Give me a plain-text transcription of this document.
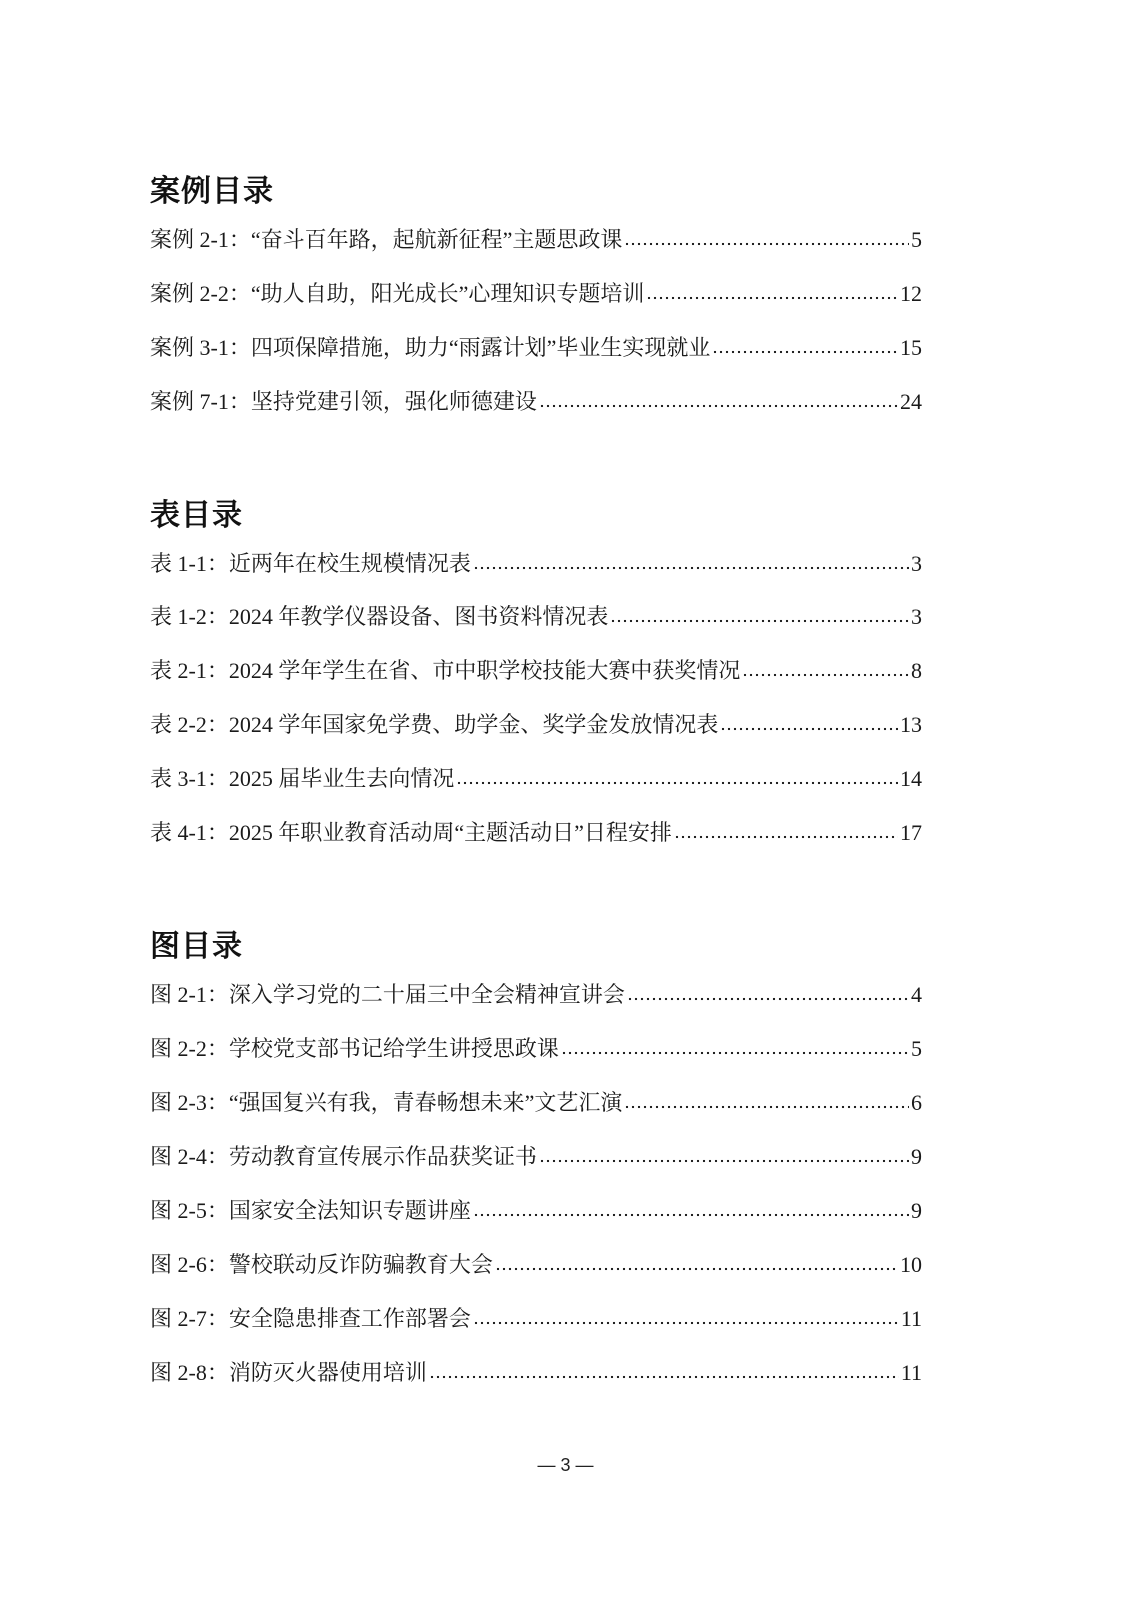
案例目录
案例 2-1： “奋斗百年路，起航新征程”主题思政课	5
案例 2-2： “助人自助，阳光成长”心理知识专题培训	12
案例 3-1： 四项保障措施，助力“雨露计划”毕业生实现就业	15
案例 7-1： 坚持党建引领，强化师德建设	24
表目录
表 1-1： 近两年在校生规模情况表	3
表 1-2： 2024 年教学仪器设备、图书资料情况表	3
表 2-1： 2024 学年学生在省、市中职学校技能大赛中获奖情况	8
表 2-2： 2024 学年国家免学费、助学金、奖学金发放情况表	13
表 3-1： 2025 届毕业生去向情况	14
表 4-1： 2025 年职业教育活动周“主题活动日”日程安排	17
图目录
图 2-1： 深入学习党的二十届三中全会精神宣讲会	4
图 2-2： 学校党支部书记给学生讲授思政课	5
图 2-3： “强国复兴有我，青春畅想未来”文艺汇演	6
图 2-4： 劳动教育宣传展示作品获奖证书	9
图 2-5： 国家安全法知识专题讲座	9
图 2-6： 警校联动反诈防骗教育大会	10
图 2-7： 安全隐患排查工作部署会	11
图 2-8： 消防灭火器使用培训	11
— 3 —
